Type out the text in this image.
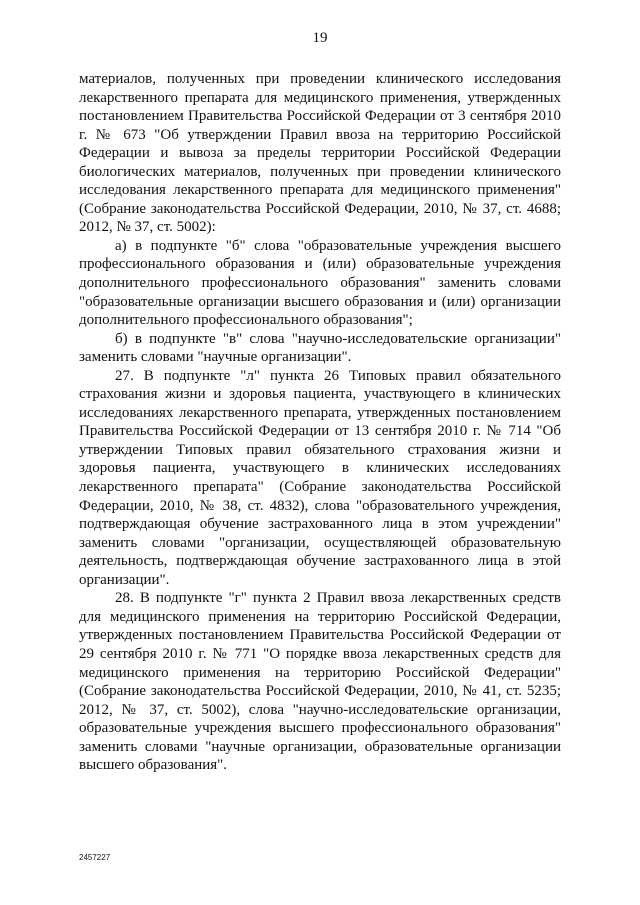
19

материалов, полученных при проведении клинического исследования лекарственного препарата для медицинского применения, утвержденных постановлением Правительства Российской Федерации от 3 сентября 2010 г. № 673 "Об утверждении Правил ввоза на территорию Российской Федерации и вывоза за пределы территории Российской Федерации биологических материалов, полученных при проведении клинического исследования лекарственного препарата для медицинского применения" (Собрание законодательства Российской Федерации, 2010, № 37, ст. 4688; 2012, № 37, ст. 5002):

а) в подпункте "б" слова "образовательные учреждения высшего профессионального образования и (или) образовательные учреждения дополнительного профессионального образования" заменить словами "образовательные организации высшего образования и (или) организации дополнительного профессионального образования";

б) в подпункте "в" слова "научно-исследовательские организации" заменить словами "научные организации".

27. В подпункте "л" пункта 26 Типовых правил обязательного страхования жизни и здоровья пациента, участвующего в клинических исследованиях лекарственного препарата, утвержденных постановлением Правительства Российской Федерации от 13 сентября 2010 г. № 714 "Об утверждении Типовых правил обязательного страхования жизни и здоровья пациента, участвующего в клинических исследованиях лекарственного препарата" (Собрание законодательства Российской Федерации, 2010, № 38, ст. 4832), слова "образовательного учреждения, подтверждающая обучение застрахованного лица в этом учреждении" заменить словами "организации, осуществляющей образовательную деятельность, подтверждающая обучение застрахованного лица в этой организации".

28. В подпункте "г" пункта 2 Правил ввоза лекарственных средств для медицинского применения на территорию Российской Федерации, утвержденных постановлением Правительства Российской Федерации от 29 сентября 2010 г. № 771 "О порядке ввоза лекарственных средств для медицинского применения на территорию Российской Федерации" (Собрание законодательства Российской Федерации, 2010, № 41, ст. 5235; 2012, № 37, ст. 5002), слова "научно-исследовательские организации, образовательные учреждения высшего профессионального образования" заменить словами "научные организации, образовательные организации высшего образования".

2457227
